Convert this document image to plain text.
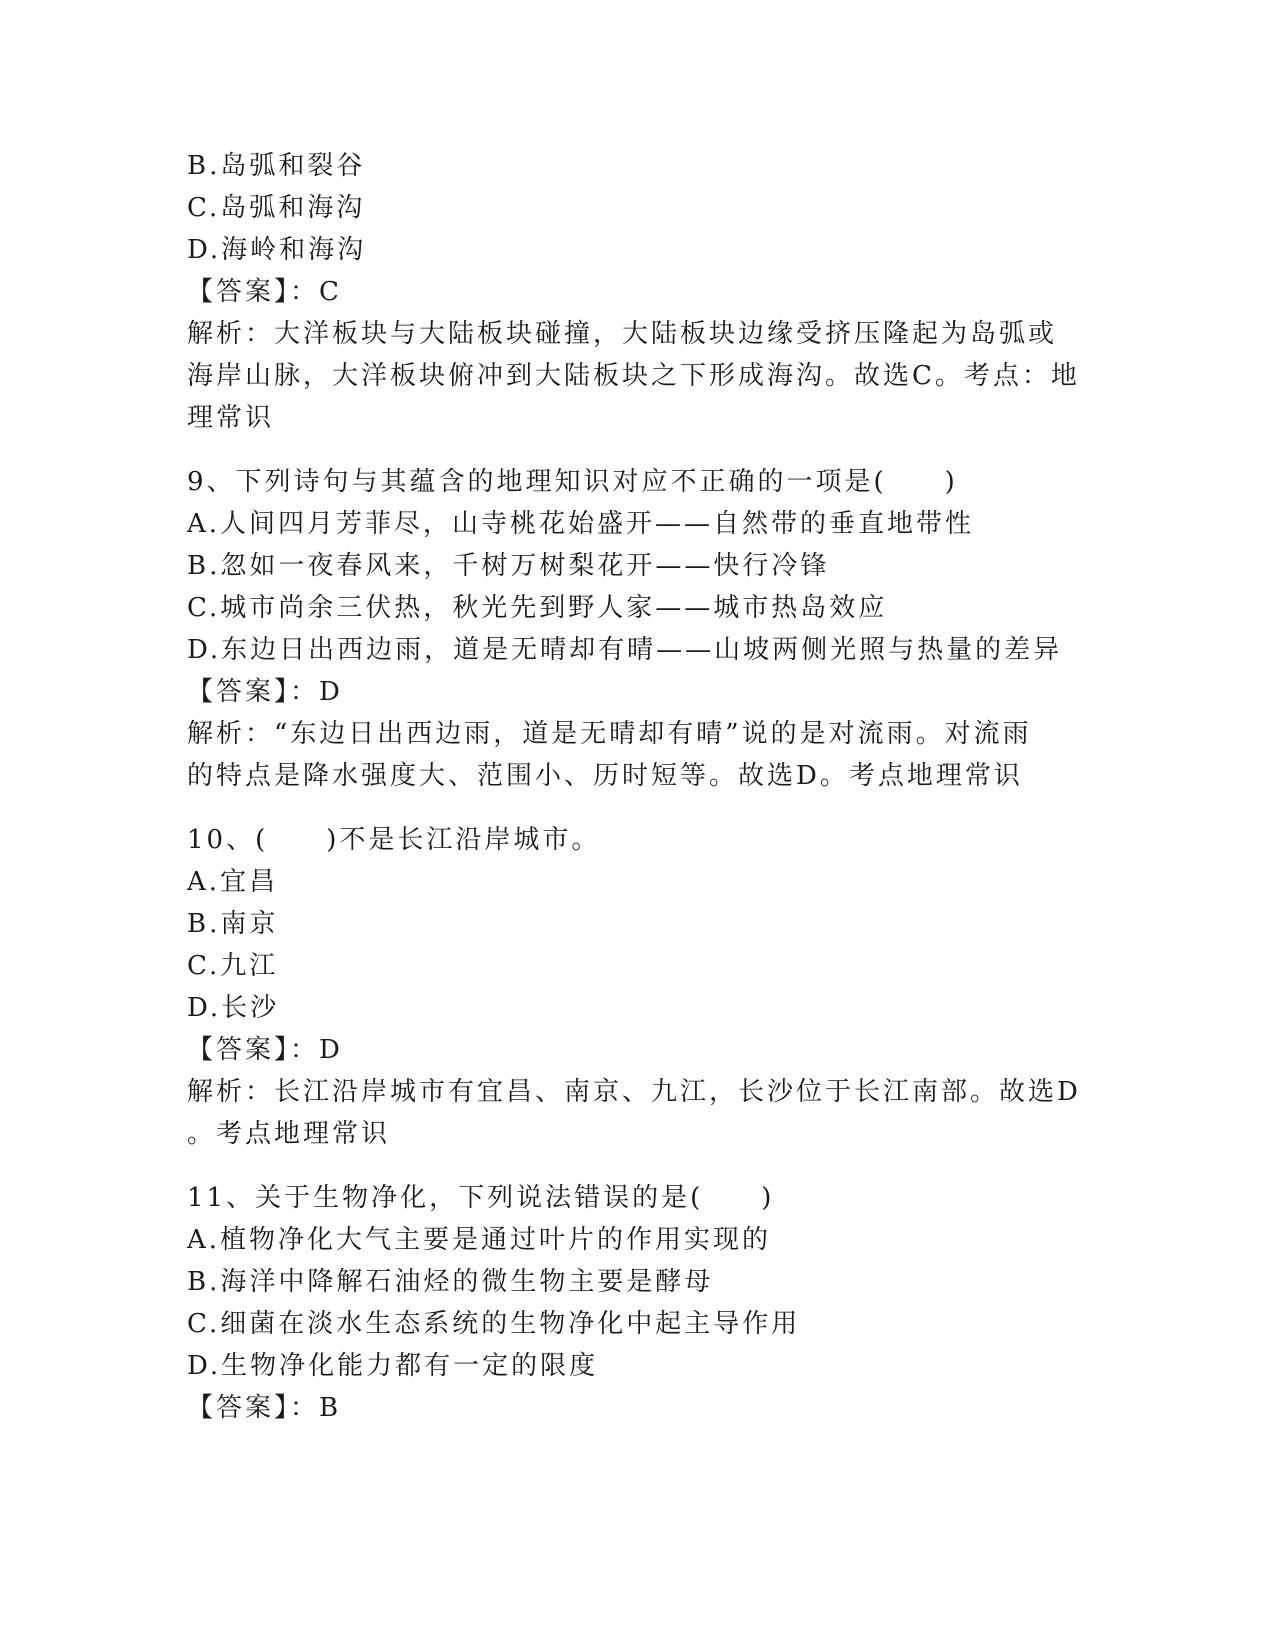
B.岛弧和裂谷
C.岛弧和海沟
D.海岭和海沟
【答案】：C
解析：大洋板块与大陆板块碰撞，大陆板块边缘受挤压隆起为岛弧或
海岸山脉，大洋板块俯冲到大陆板块之下形成海沟。故选C。考点：地
理常识
9、下列诗句与其蕴含的地理知识对应不正确的一项是(　　)
A.人间四月芳菲尽，山寺桃花始盛开——自然带的垂直地带性
B.忽如一夜春风来，千树万树梨花开——快行冷锋
C.城市尚余三伏热，秋光先到野人家——城市热岛效应
D.东边日出西边雨，道是无晴却有晴——山坡两侧光照与热量的差异
【答案】：D
解析：“东边日出西边雨，道是无晴却有晴”说的是对流雨。对流雨
的特点是降水强度大、范围小、历时短等。故选D。考点地理常识
10、(　　)不是长江沿岸城市。
A.宜昌
B.南京
C.九江
D.长沙
【答案】：D
解析：长江沿岸城市有宜昌、南京、九江，长沙位于长江南部。故选D
。考点地理常识
11、关于生物净化，下列说法错误的是(　　)
A.植物净化大气主要是通过叶片的作用实现的
B.海洋中降解石油烃的微生物主要是酵母
C.细菌在淡水生态系统的生物净化中起主导作用
D.生物净化能力都有一定的限度
【答案】：B
